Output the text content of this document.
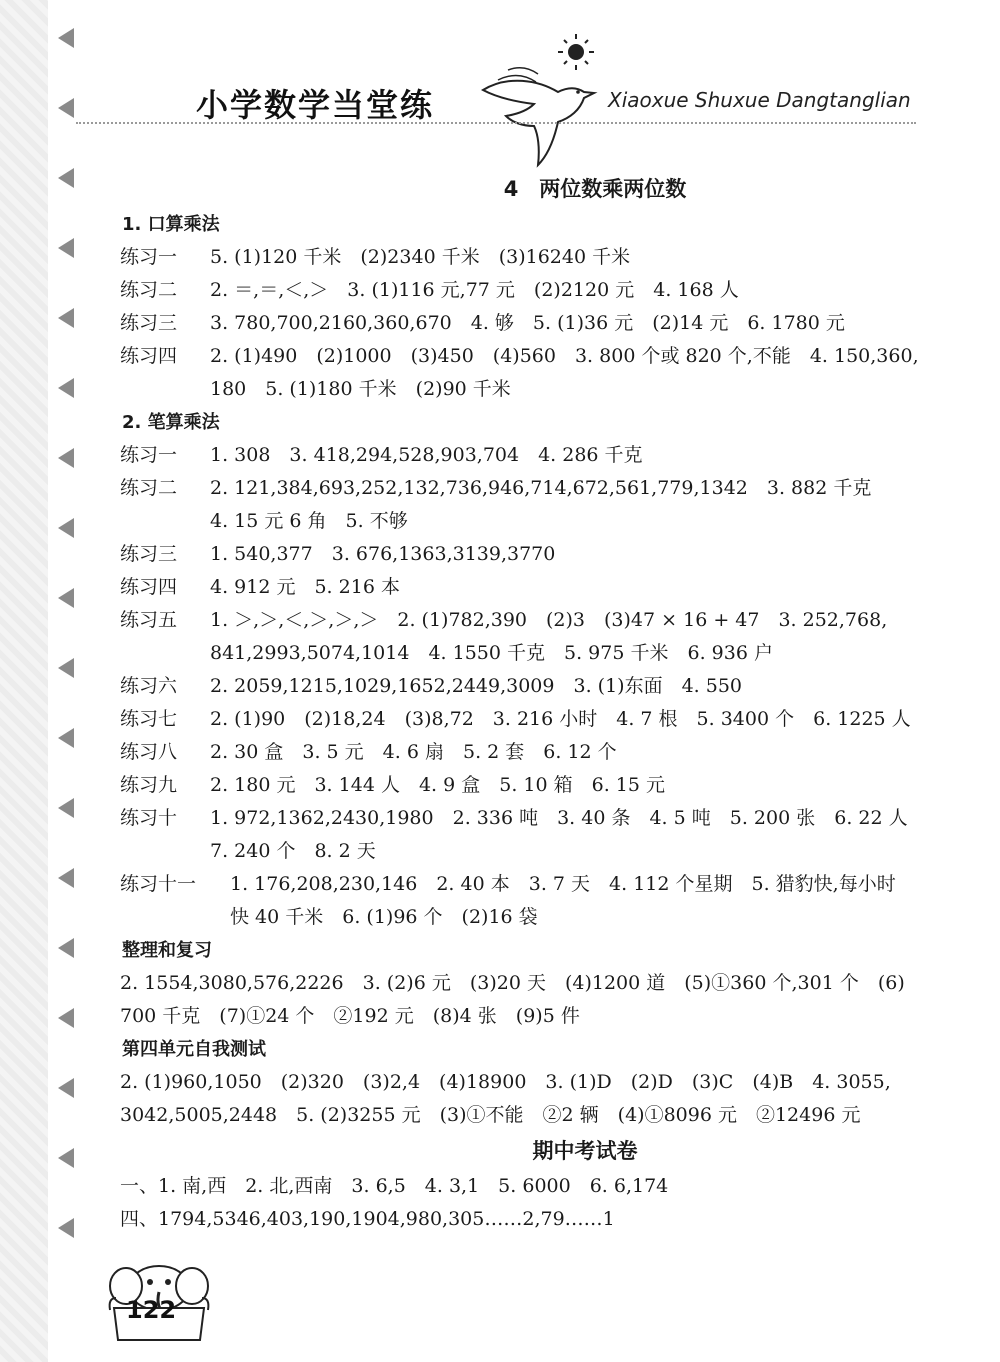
小学数学当堂练	Xiaoxue Shuxue Dangtanglian
4　两位数乘两位数
1. 口算乘法
练习一	5. (1)120 千米　(2)2340 千米　(3)16240 千米
练习二	2. ＝,＝,＜,＞　3. (1)116 元,77 元　(2)2120 元　4. 168 人
练习三	3. 780,700,2160,360,670　4. 够　5. (1)36 元　(2)14 元　6. 1780 元
练习四	2. (1)490　(2)1000　(3)450　(4)560　3. 800 个或 820 个,不能　4. 150,360,
180　5. (1)180 千米　(2)90 千米
2. 笔算乘法
练习一	1. 308　3. 418,294,528,903,704　4. 286 千克
练习二	2. 121,384,693,252,132,736,946,714,672,561,779,1342　3. 882 千克
4. 15 元 6 角　5. 不够
练习三	1. 540,377　3. 676,1363,3139,3770
练习四	4. 912 元　5. 216 本
练习五	1. ＞,＞,＜,＞,＞,＞　2. (1)782,390　(2)3　(3)47 × 16 + 47　3. 252,768,
841,2993,5074,1014　4. 1550 千克　5. 975 千米　6. 936 户
练习六	2. 2059,1215,1029,1652,2449,3009　3. (1)东面　4. 550
练习七	2. (1)90　(2)18,24　(3)8,72　3. 216 小时　4. 7 根　5. 3400 个　6. 1225 人
练习八	2. 30 盒　3. 5 元　4. 6 扇　5. 2 套　6. 12 个
练习九	2. 180 元　3. 144 人　4. 9 盒　5. 10 箱　6. 15 元
练习十	1. 972,1362,2430,1980　2. 336 吨　3. 40 条　4. 5 吨　5. 200 张　6. 22 人
7. 240 个　8. 2 天
练习十一	1. 176,208,230,146　2. 40 本　3. 7 天　4. 112 个星期　5. 猎豹快,每小时
快 40 千米　6. (1)96 个　(2)16 袋
整理和复习
2. 1554,3080,576,2226　3. (2)6 元　(3)20 天　(4)1200 道　(5)①360 个,301 个　(6)
700 千克　(7)①24 个　②192 元　(8)4 张　(9)5 件
第四单元自我测试
2. (1)960,1050　(2)320　(3)2,4　(4)18900　3. (1)D　(2)D　(3)C　(4)B　4. 3055,
3042,5005,2448　5. (2)3255 元　(3)①不能　②2 辆　(4)①8096 元　②12496 元
期中考试卷
一、1. 南,西　2. 北,西南　3. 6,5　4. 3,1　5. 6000　6. 6,174
四、1794,5346,403,190,1904,980,305……2,79……1
122
